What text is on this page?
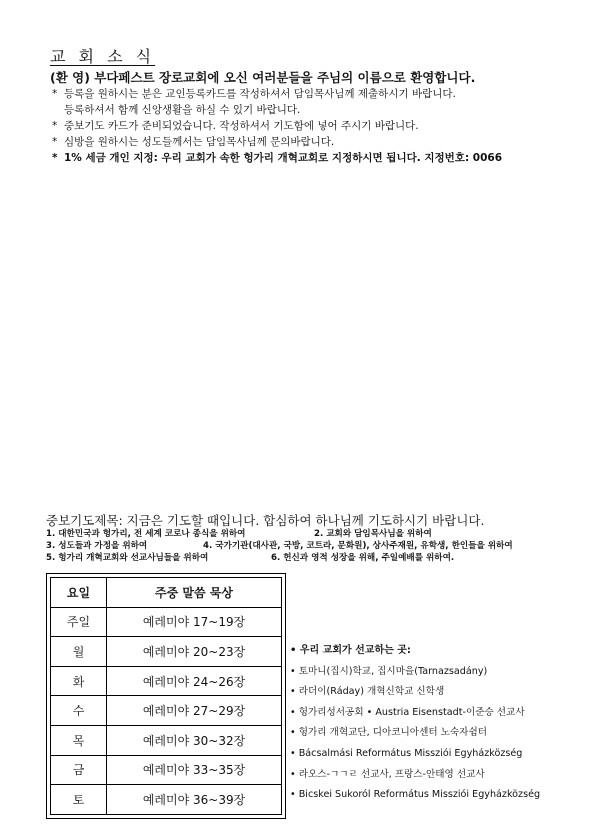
교 회 소 식
(환 영) 부다페스트 장로교회에 오신 여러분들을 주님의 이름으로 환영합니다.
* 등록을 원하시는 분은 교인등록카드를 작성하셔서 담임목사님께 제출하시기 바랍니다.
등록하셔서 함께 신앙생활을 하실 수 있기 바랍니다.
* 중보기도 카드가 준비되었습니다. 작성하셔서 기도함에 넣어 주시기 바랍니다.
* 심방을 원하시는 성도들께서는 담임목사님께 문의바랍니다.
* 1% 세금 개인 지정: 우리 교회가 속한 헝가리 개혁교회로 지정하시면 됩니다. 지정번호: 0066
중보기도제목: 지금은 기도할 때입니다. 합심하여 하나님께 기도하시기 바랍니다.
1. 대한민국과 헝가리, 전 세계 코로나 종식을 위하여	2. 교회와 담임목사님을 위하여
3. 성도들과 가정을 위하여	4. 국가기관(대사관, 국방, 코트라, 문화원), 상사주재원, 유학생, 한인들을 위하여
5. 헝가리 개혁교회와 선교사님들을 위하여	6. 헌신과 영적 성장을 위해, 주일예배를 위하여.
요일	주중 말씀 묵상
주일	예레미야 17~19장
월	예레미야 20~23장
화	예레미야 24~26장
수	예레미야 27~29장
목	예레미야 30~32장
금	예레미야 33~35장
토	예레미야 36~39장
• 우리 교회가 선교하는 곳:
• 토마니(집시)학교, 집시마을(Tarnazsadány)
• 라더이(Ráday) 개혁신학교 신학생
• 헝가리성서공회 • Austria Eisenstadt-이준승 선교사
• 헝가리 개혁교단, 디아코니아센터 노숙자쉼터
• Bácsalmási Református Missziói Egyházközség
• 라오스-ㄱㄱㄹ 선교사, 프랑스-안태영 선교사
• Bicskei Sukoról Református Missziói Egyházközség
